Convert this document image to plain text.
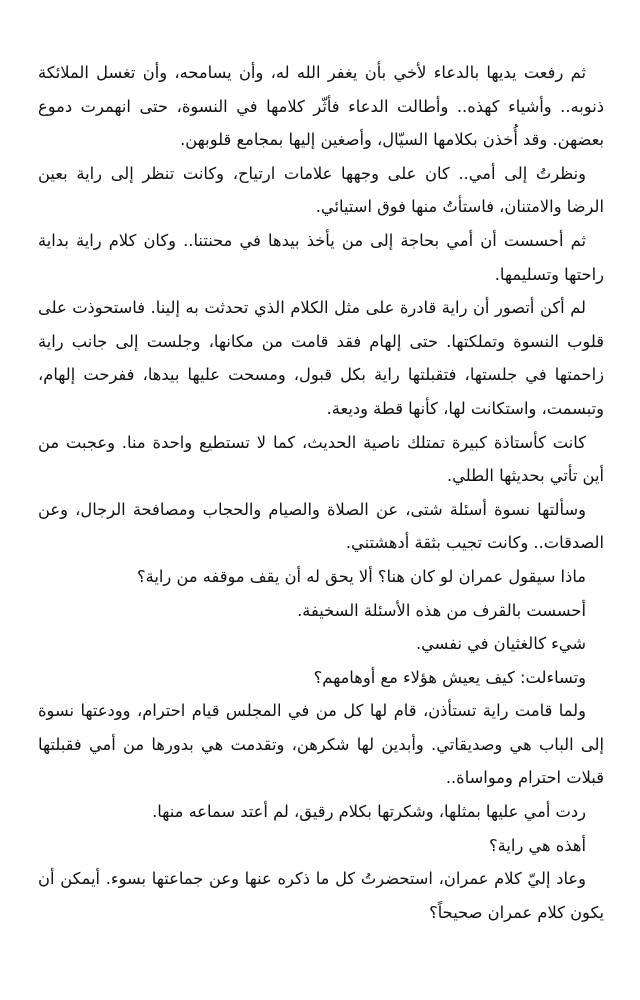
ثم رفعت يديها بالدعاء لأخي بأن يغفر الله له، وأن يسامحه، وأن تغسل الملائكة ذنوبه.. وأشياء كهذه.. وأطالت الدعاء فأثّر كلامها في النسوة، حتى انهمرت دموع بعضهن. وقد أُخذن بكلامها السيّال، وأصغين إليها بمجامع قلوبهن.

ونظرتُ إلى أمي.. كان على وجهها علامات ارتياح، وكانت تنظر إلى راية بعين الرضا والامتنان، فاستأتُ منها فوق استيائي.

ثم أحسست أن أمي بحاجة إلى من يأخذ بيدها في محنتنا.. وكان كلام راية بداية راحتها وتسليمها.

لم أكن أتصور أن راية قادرة على مثل الكلام الذي تحدثت به إلينا. فاستحوذت على قلوب النسوة وتملكتها. حتى إلهام فقد قامت من مكانها، وجلست إلى جانب راية زاحمتها في جلستها، فتقبلتها راية بكل قبول، ومسحت عليها بيدها، ففرحت إلهام، وتبسمت، واستكانت لها، كأنها قطة وديعة.

كانت كأستاذة كبيرة تمتلك ناصية الحديث، كما لا تستطيع واحدة منا. وعجبت من أين تأتي بحديثها الطلي.

وسألتها نسوة أسئلة شتى، عن الصلاة والصيام والحجاب ومصافحة الرجال، وعن الصدقات.. وكانت تجيب بثقة أدهشتني.

ماذا سيقول عمران لو كان هنا؟ ألا يحق له أن يقف موقفه من راية؟

أحسست بالقرف من هذه الأسئلة السخيفة.

شيء كالغثيان في نفسي.

وتساءلت: كيف يعيش هؤلاء مع أوهامهم؟

ولما قامت راية تستأذن، قام لها كل من في المجلس قيام احترام، وودعتها نسوة إلى الباب هي وصديقاتي. وأبدين لها شكرهن، وتقدمت هي بدورها من أمي فقبلتها قبلات احترام ومواساة..

ردت أمي عليها بمثلها، وشكرتها بكلام رقيق، لم أعتد سماعه منها.

أهذه هي راية؟

وعاد إليّ كلام عمران، استحضرتُ كل ما ذكره عنها وعن جماعتها بسوء. أيمكن أن يكون كلام عمران صحيحاً؟
